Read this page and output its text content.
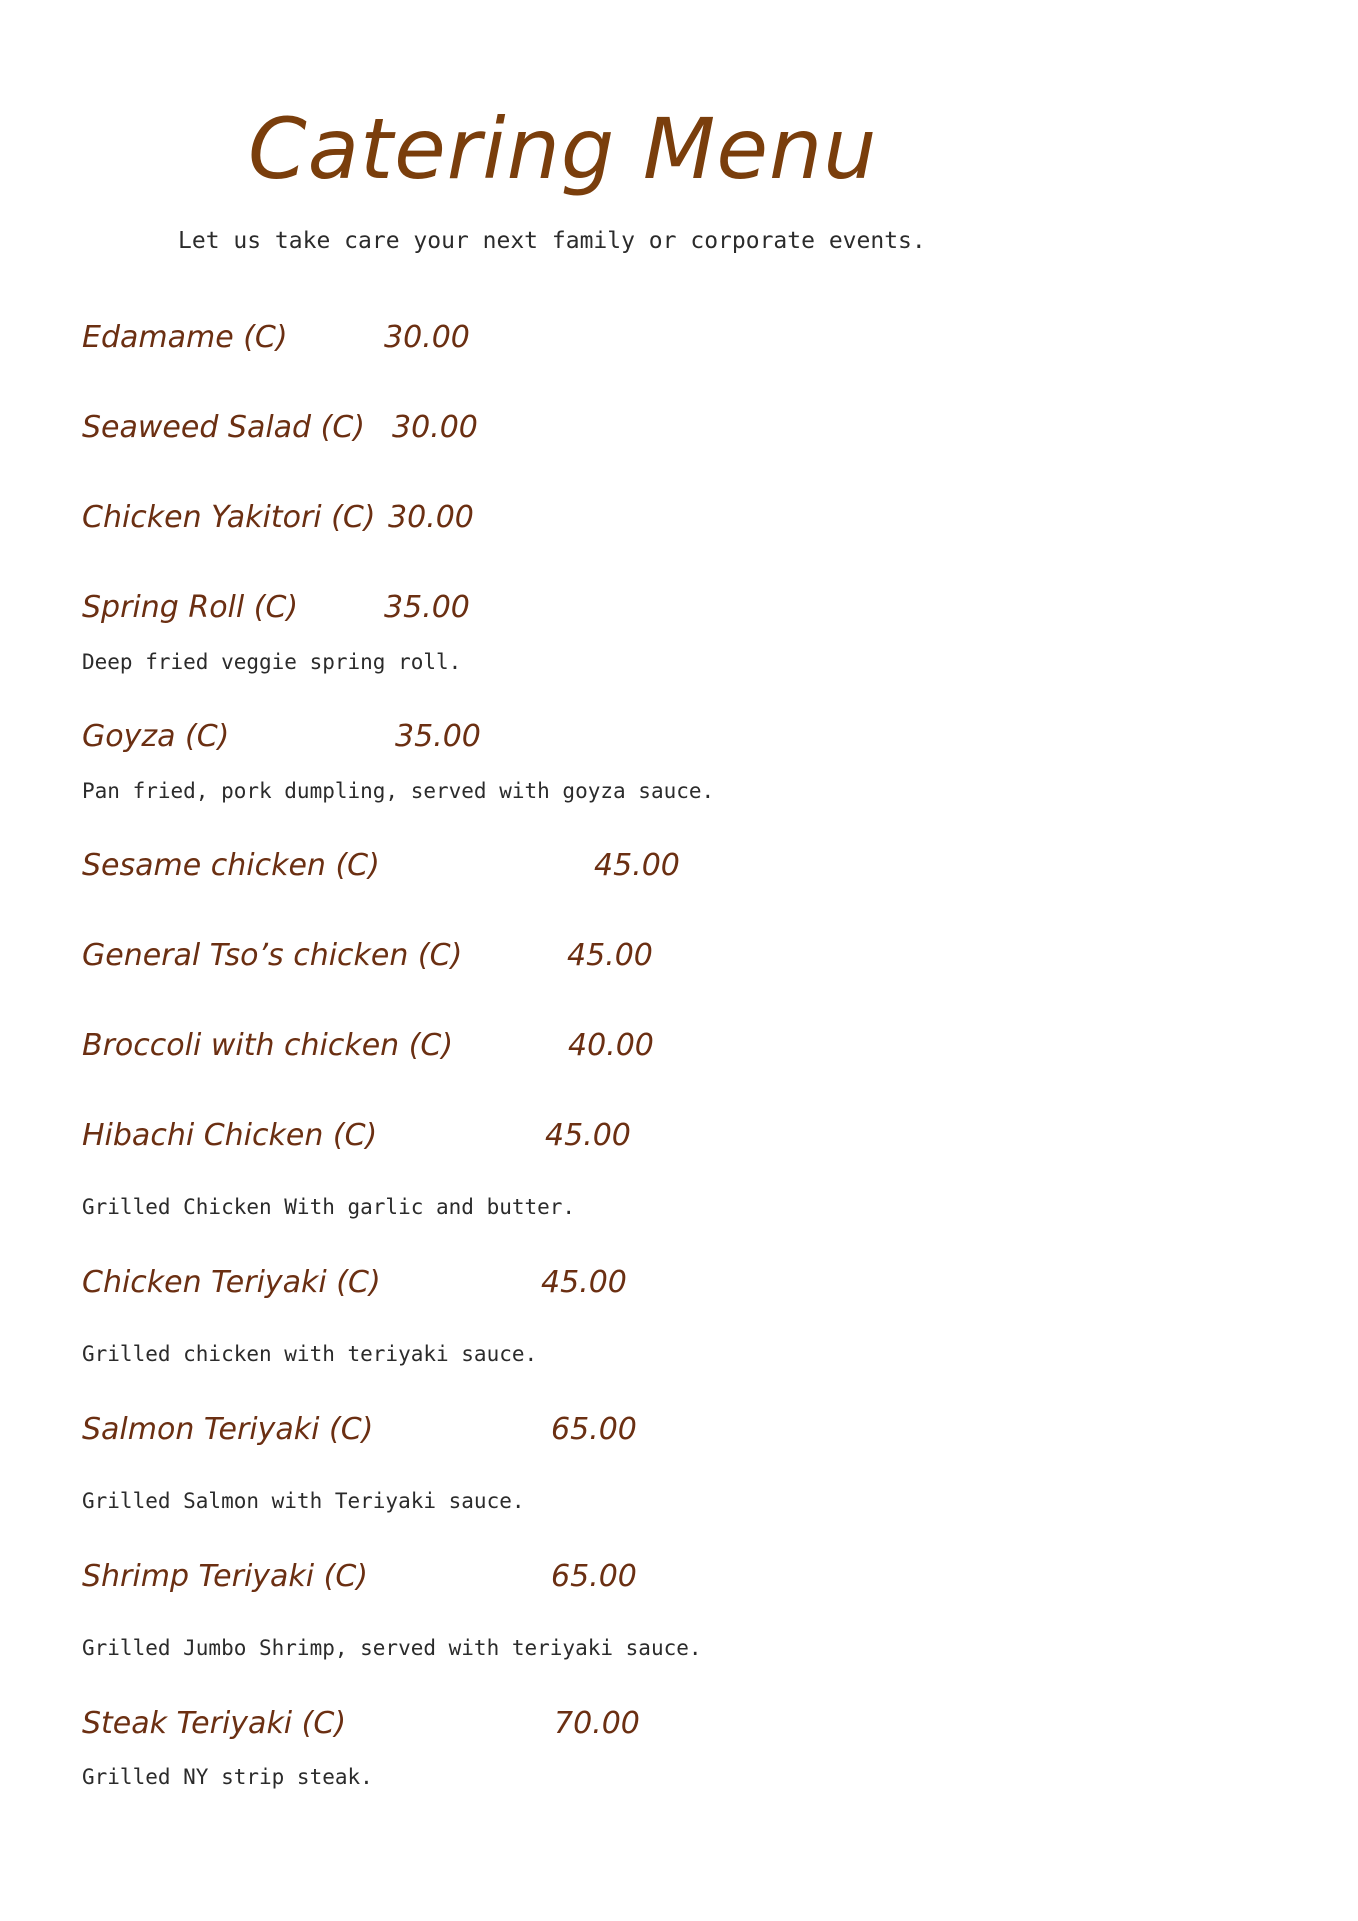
Catering Menu
Let us take care your next family or corporate events.
Edamame (C)	30.00
Seaweed Salad (C) 30.00
Chicken Yakitori (C) 30.00
Spring Roll (C)	35.00
Deep fried veggie spring roll.
Goyza (C)	35.00
Pan fried, pork dumpling, served with goyza sauce.
Sesame chicken (C)	45.00
General Tso’s chicken (C)	45.00
Broccoli with chicken (C)	40.00
Hibachi Chicken (C)	45.00
Grilled Chicken With garlic and butter.
Chicken Teriyaki (C)	45.00
Grilled chicken with teriyaki sauce.
Salmon Teriyaki (C)	65.00
Grilled Salmon with Teriyaki sauce.
Shrimp Teriyaki (C)	65.00
Grilled Jumbo Shrimp, served with teriyaki sauce.
Steak Teriyaki (C)	70.00
Grilled NY strip steak.
